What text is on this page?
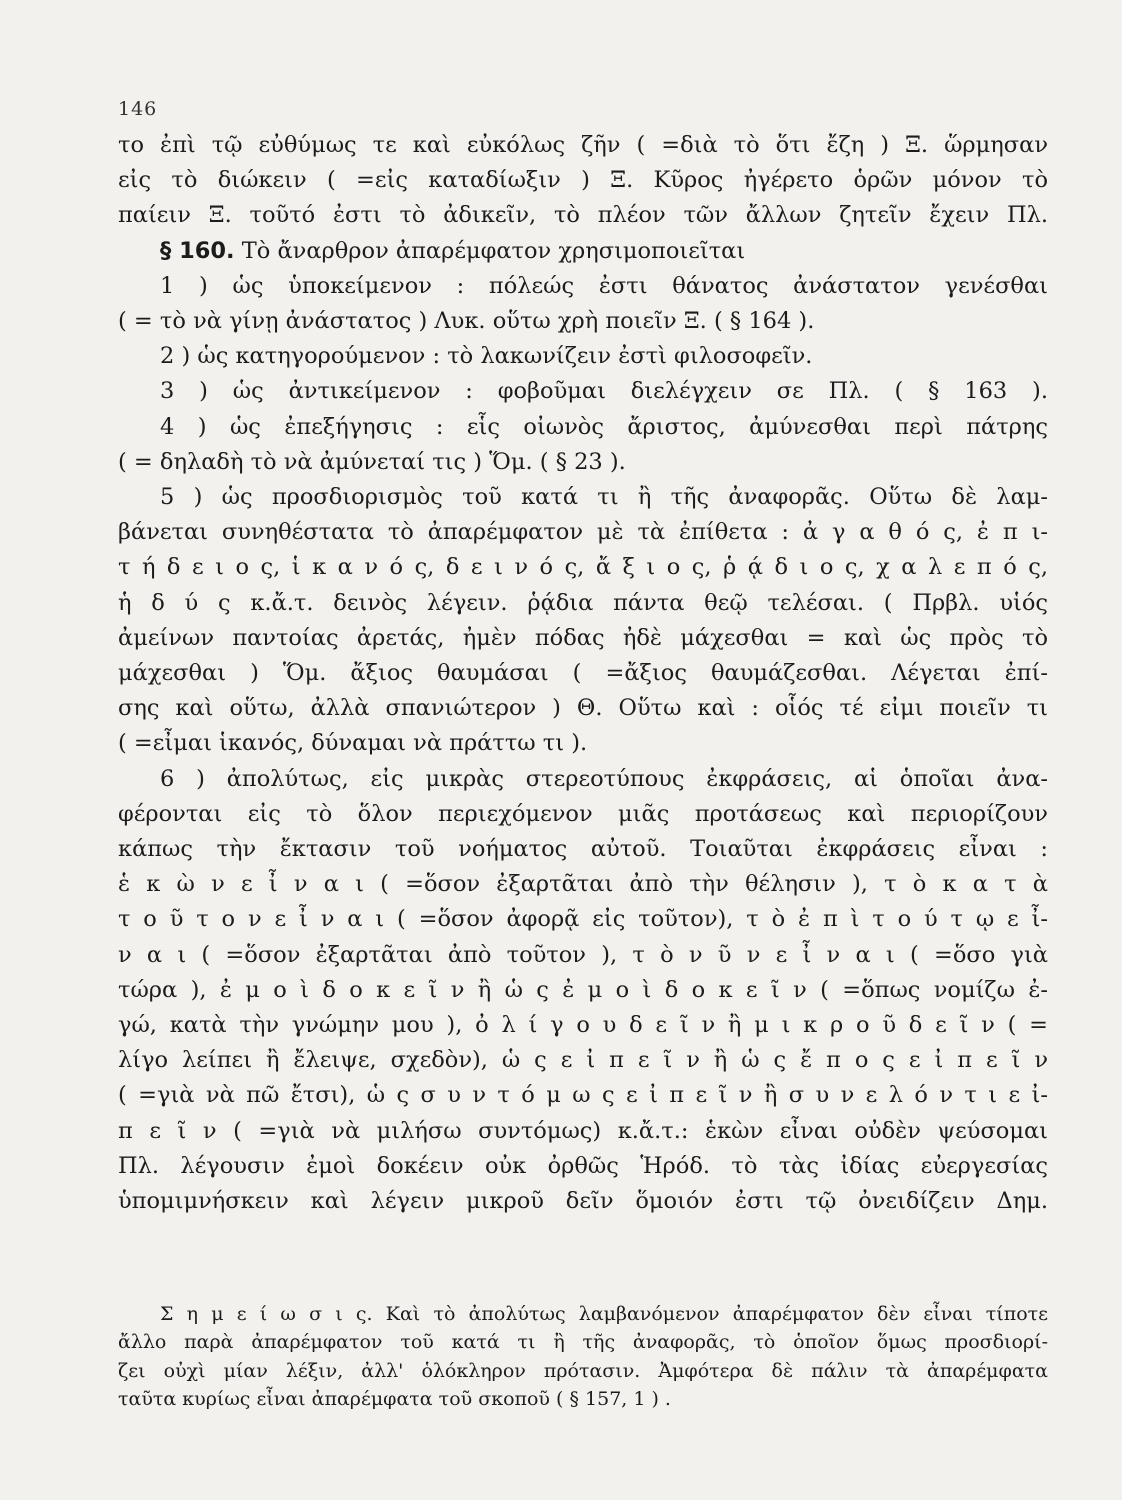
146
το ἐπὶ τῷ εὐθύμως τε καὶ εὐκόλως ζῆν ( =διὰ τὸ ὅτι ἔζη ) Ξ. ὥρμησαν
εἰς τὸ διώκειν ( =εἰς καταδίωξιν ) Ξ. Κῦρος ἠγέρετο ὁρῶν μόνον τὸ
παίειν Ξ. τοῦτό ἐστι τὸ ἀδικεῖν, τὸ πλέον τῶν ἄλλων ζητεῖν ἔχειν Πλ.
§ 160. Τὸ ἄναρθρον ἀπαρέμφατον χρησιμοποιεῖται
1 ) ὡς ὑποκείμενον : πόλεώς ἐστι θάνατος ἀνάστατον γενέσθαι
( = τὸ νὰ γίνῃ ἀνάστατος ) Λυκ. οὕτω χρὴ ποιεῖν Ξ. ( § 164 ).
2 ) ὡς κατηγορούμενον : τὸ λακωνίζειν ἐστὶ φιλοσοφεῖν.
3 ) ὡς ἀντικείμενον : φοβοῦμαι διελέγχειν σε Πλ. ( § 163 ).
4 ) ὡς ἐπεξήγησις : εἷς οἰωνὸς ἄριστος, ἀμύνεσθαι περὶ πάτρης
( = δηλαδὴ τὸ νὰ ἀμύνεταί τις ) Ὅμ. ( § 23 ).
5 ) ὡς προσδιορισμὸς τοῦ κατά τι ἢ τῆς ἀναφορᾶς. Οὕτω δὲ λαμ-
βάνεται συνηθέστατα τὸ ἀπαρέμφατον μὲ τὰ ἐπίθετα : ἀ γ α θ ό ς, ἐ π ι-
τ ή δ ε ι ο ς, ἱ κ α ν ό ς, δ ε ι ν ό ς, ἄ ξ ι ο ς, ῥ ᾴ δ ι ο ς, χ α λ ε π ό ς,
ἡ δ ύ ς κ.ἄ.τ. δεινὸς λέγειν. ῥᾴδια πάντα θεῷ τελέσαι. ( Πρβλ. υἱός
ἀμείνων παντοίας ἀρετάς, ἠμὲν πόδας ἠδὲ μάχεσθαι = καὶ ὡς πρὸς τὸ
μάχεσθαι ) Ὅμ. ἄξιος θαυμάσαι ( =ἄξιος θαυμάζεσθαι. Λέγεται ἐπί-
σης καὶ οὕτω, ἀλλὰ σπανιώτερον ) Θ. Οὕτω καὶ : οἷός τέ εἰμι ποιεῖν τι
( =εἶμαι ἱκανός, δύναμαι νὰ πράττω τι ).
6 ) ἀπολύτως, εἰς μικρὰς στερεοτύπους ἐκφράσεις, αἱ ὁποῖαι ἀνα-
φέρονται εἰς τὸ ὅλον περιεχόμενον μιᾶς προτάσεως καὶ περιορίζουν
κάπως τὴν ἔκτασιν τοῦ νοήματος αὐτοῦ. Τοιαῦται ἐκφράσεις εἶναι :
ἑ κ ὼ ν ε ἶ ν α ι ( =ὅσον ἐξαρτᾶται ἀπὸ τὴν θέλησιν ), τ ὸ κ α τ ὰ
τ ο ῦ τ ο ν ε ἶ ν α ι ( =ὅσον ἀφορᾷ εἰς τοῦτον), τ ὸ ἐ π ὶ τ ο ύ τ ῳ ε ἶ-
ν α ι ( =ὅσον ἐξαρτᾶται ἀπὸ τοῦτον ), τ ὸ ν ῦ ν ε ἶ ν α ι ( =ὅσο γιὰ
τώρα ), ἐ μ ο ὶ δ ο κ ε ῖ ν ἢ ὡ ς ἐ μ ο ὶ δ ο κ ε ῖ ν ( =ὅπως νομίζω ἐ-
γώ, κατὰ τὴν γνώμην μου ), ὀ λ ί γ ο υ δ ε ῖ ν ἢ μ ι κ ρ ο ῦ δ ε ῖ ν ( =
λίγο λείπει ἢ ἔλειψε, σχεδὸν), ὡ ς ε ἰ π ε ῖ ν ἢ ὡ ς ἔ π ο ς ε ἰ π ε ῖ ν
( =γιὰ νὰ πῶ ἔτσι), ὡ ς σ υ ν τ ό μ ω ς ε ἰ π ε ῖ ν ἢ σ υ ν ε λ ό ν τ ι ε ἰ-
π ε ῖ ν ( =γιὰ νὰ μιλήσω συντόμως) κ.ἄ.τ.: ἑκὼν εἶναι οὐδὲν ψεύσομαι
Πλ. λέγουσιν ἐμοὶ δοκέειν οὐκ ὀρθῶς Ἡρόδ. τὸ τὰς ἰδίας εὐεργεσίας
ὑπομιμνήσκειν καὶ λέγειν μικροῦ δεῖν ὅμοιόν ἐστι τῷ ὀνειδίζειν Δημ.
Σ η μ ε ί ω σ ι ς. Καὶ τὸ ἀπολύτως λαμβανόμενον ἀπαρέμφατον δὲν εἶναι τίποτε
ἄλλο παρὰ ἀπαρέμφατον τοῦ κατά τι ἢ τῆς ἀναφορᾶς, τὸ ὁποῖον ὅμως προσδιορί-
ζει οὐχὶ μίαν λέξιν, ἀλλ' ὁλόκληρον πρότασιν. Ἀμφότερα δὲ πάλιν τὰ ἀπαρέμφατα
ταῦτα κυρίως εἶναι ἀπαρέμφατα τοῦ σκοποῦ ( § 157, 1 ) .
